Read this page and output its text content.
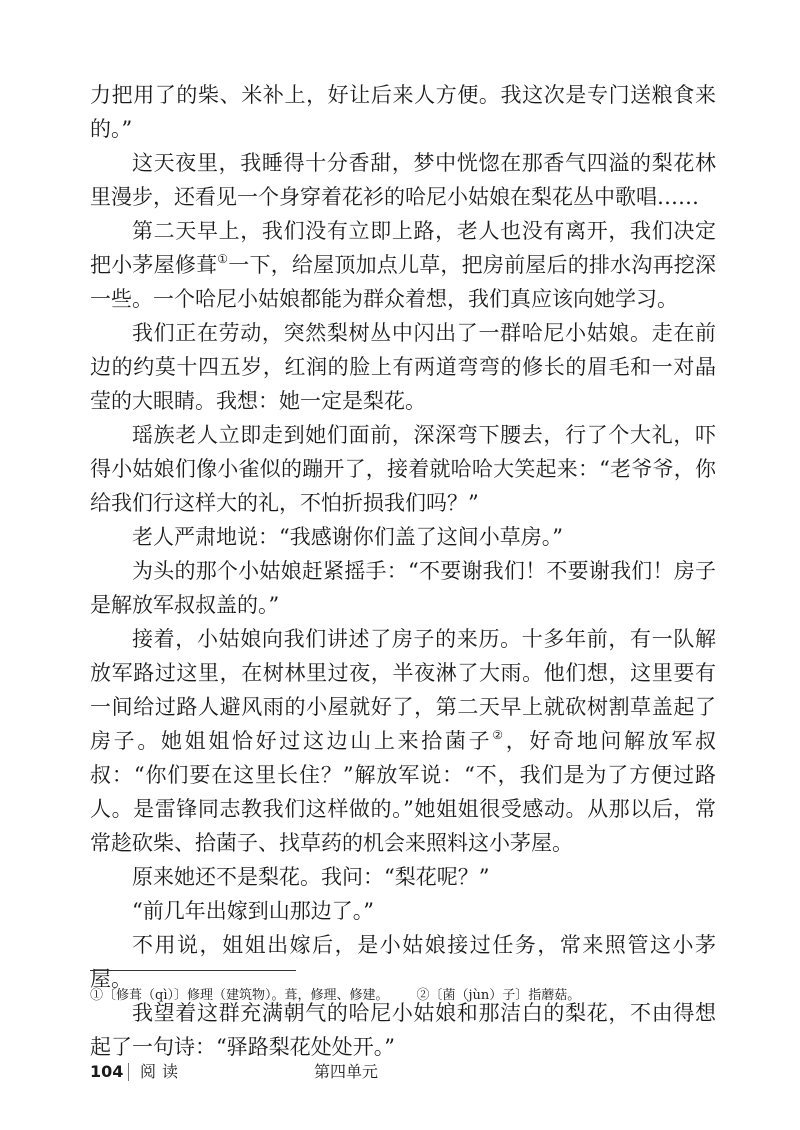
力把用了的柴、米补上，好让后来人方便。我这次是专门送粮食来的。”

这天夜里，我睡得十分香甜，梦中恍惚在那香气四溢的梨花林里漫步，还看见一个身穿着花衫的哈尼小姑娘在梨花丛中歌唱……

第二天早上，我们没有立即上路，老人也没有离开，我们决定把小茅屋修葺①一下，给屋顶加点儿草，把房前屋后的排水沟再挖深一些。一个哈尼小姑娘都能为群众着想，我们真应该向她学习。

我们正在劳动，突然梨树丛中闪出了一群哈尼小姑娘。走在前边的约莫十四五岁，红润的脸上有两道弯弯的修长的眉毛和一对晶莹的大眼睛。我想：她一定是梨花。

瑶族老人立即走到她们面前，深深弯下腰去，行了个大礼，吓得小姑娘们像小雀似的蹦开了，接着就哈哈大笑起来：“老爷爷，你给我们行这样大的礼，不怕折损我们吗？”

老人严肃地说：“我感谢你们盖了这间小草房。”

为头的那个小姑娘赶紧摇手：“不要谢我们！不要谢我们！房子是解放军叔叔盖的。”

接着，小姑娘向我们讲述了房子的来历。十多年前，有一队解放军路过这里，在树林里过夜，半夜淋了大雨。他们想，这里要有一间给过路人避风雨的小屋就好了，第二天早上就砍树割草盖起了房子。她姐姐恰好过这边山上来拾菌子②，好奇地问解放军叔叔：“你们要在这里长住？”解放军说：“不，我们是为了方便过路人。是雷锋同志教我们这样做的。”她姐姐很受感动。从那以后，常常趁砍柴、拾菌子、找草药的机会来照料这小茅屋。

原来她还不是梨花。我问：“梨花呢？”

“前几年出嫁到山那边了。”

不用说，姐姐出嫁后，是小姑娘接过任务，常来照管这小茅屋。

我望着这群充满朝气的哈尼小姑娘和那洁白的梨花，不由得想起了一句诗：“驿路梨花处处开。”

①〔修葺（qì）〕修理（建筑物）。葺，修理、修建。 ②〔菌（jùn）子〕指蘑菇。
104 阅读	第四单元
